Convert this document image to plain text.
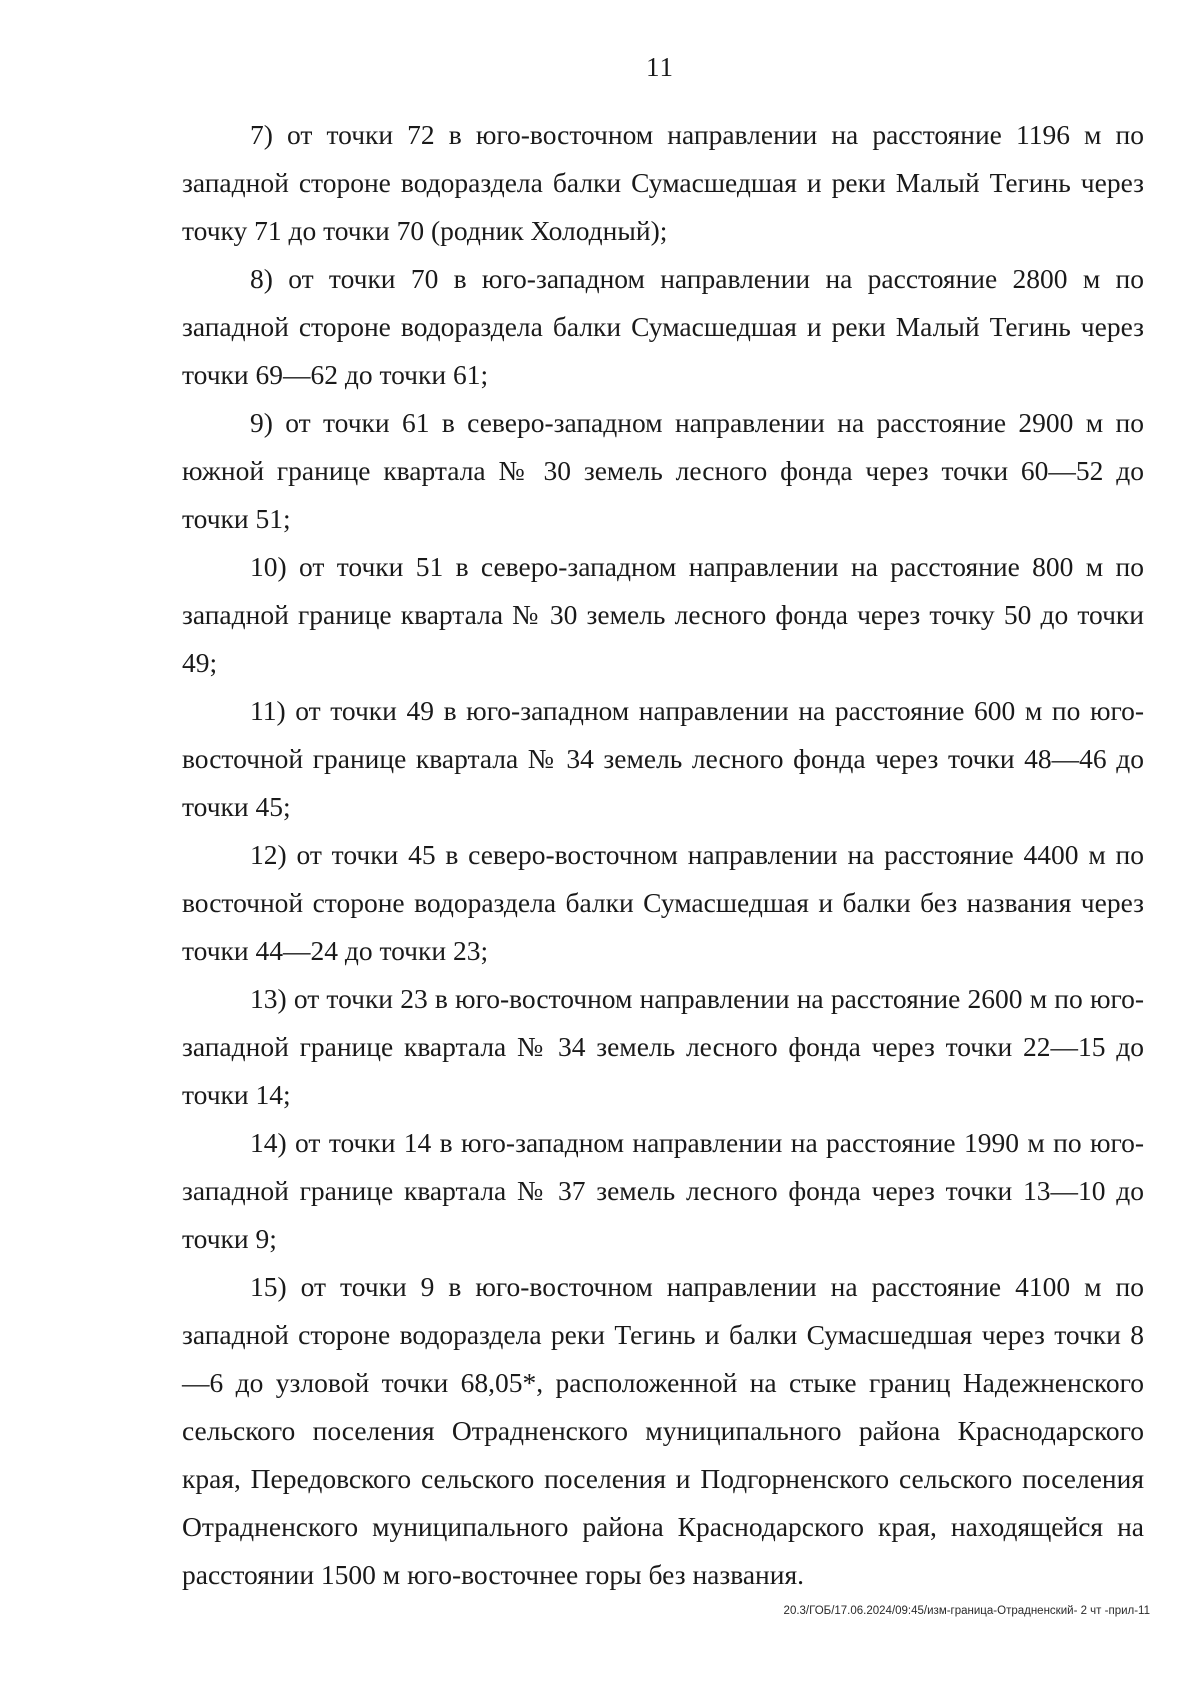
11

7) от точки 72 в юго-восточном направлении на расстояние 1196 м по западной стороне водораздела балки Сумасшедшая и реки Малый Тегинь через точку 71 до точки 70 (родник Холодный);

8) от точки 70 в юго-западном направлении на расстояние 2800 м по западной стороне водораздела балки Сумасшедшая и реки Малый Тегинь через точки 69—62 до точки 61;

9) от точки 61 в северо-западном направлении на расстояние 2900 м по южной границе квартала № 30 земель лесного фонда через точки 60—52 до точки 51;

10) от точки 51 в северо-западном направлении на расстояние 800 м по западной границе квартала № 30 земель лесного фонда через точку 50 до точки 49;

11) от точки 49 в юго-западном направлении на расстояние 600 м по юго-восточной границе квартала № 34 земель лесного фонда через точки 48—46 до точки 45;

12) от точки 45 в северо-восточном направлении на расстояние 4400 м по восточной стороне водораздела балки Сумасшедшая и балки без названия через точки 44—24 до точки 23;

13) от точки 23 в юго-восточном направлении на расстояние 2600 м по юго-западной границе квартала № 34 земель лесного фонда через точки 22—15 до точки 14;

14) от точки 14 в юго-западном направлении на расстояние 1990 м по юго-западной границе квартала № 37 земель лесного фонда через точки 13—10 до точки 9;

15) от точки 9 в юго-восточном направлении на расстояние 4100 м по западной стороне водораздела реки Тегинь и балки Сумасшедшая через точки 8—6 до узловой точки 68,05*, расположенной на стыке границ Надежненского сельского поселения Отрадненского муниципального района Краснодарского края, Передовского сельского поселения и Подгорненского сельского поселения Отрадненского муниципального района Краснодарского края, находящейся на расстоянии 1500 м юго-восточнее горы без названия.

20.3/ГОБ/17.06.2024/09:45/изм-граница-Отрадненский- 2 чт -прил-11
